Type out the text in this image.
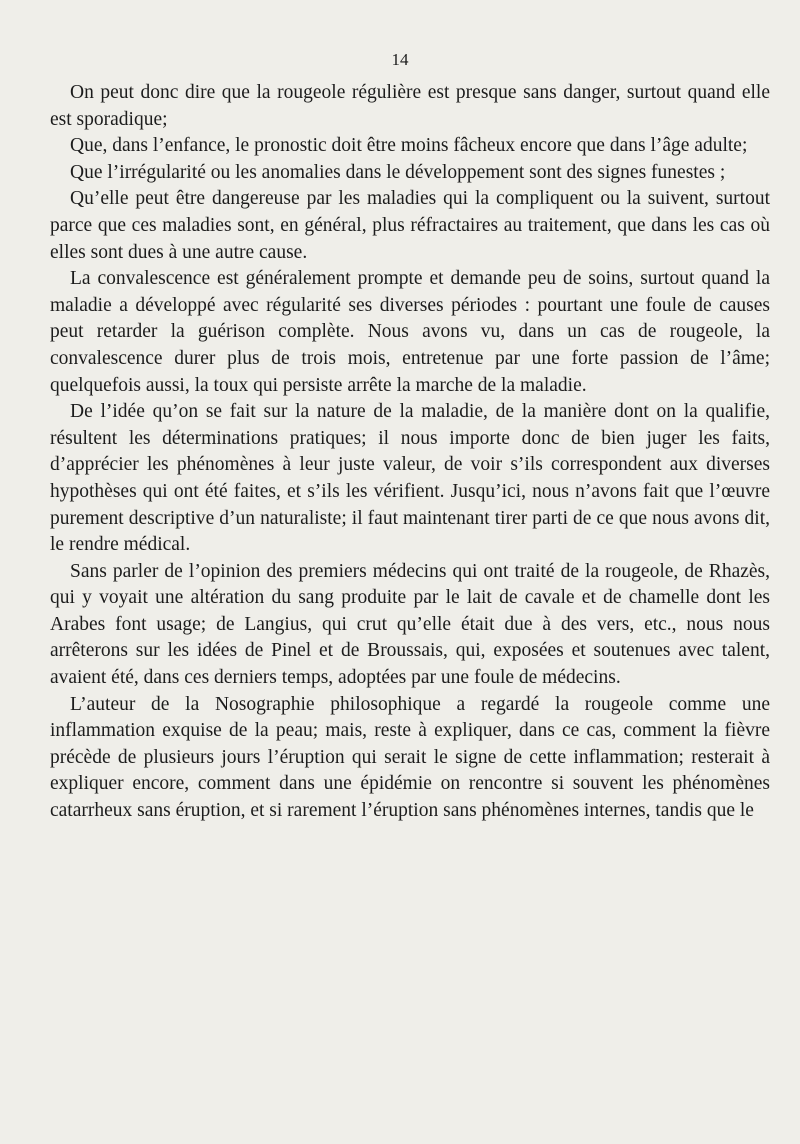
14

On peut donc dire que la rougeole régulière est presque sans danger, surtout quand elle est sporadique;

Que, dans l’enfance, le pronostic doit être moins fâcheux encore que dans l’âge adulte;

Que l’irrégularité ou les anomalies dans le développement sont des signes funestes ;

Qu’elle peut être dangereuse par les maladies qui la compliquent ou la suivent, surtout parce que ces maladies sont, en général, plus réfractaires au traitement, que dans les cas où elles sont dues à une autre cause.

La convalescence est généralement prompte et demande peu de soins, surtout quand la maladie a développé avec régularité ses diverses périodes : pourtant une foule de causes peut retarder la guérison complète. Nous avons vu, dans un cas de rougeole, la convalescence durer plus de trois mois, entretenue par une forte passion de l’âme; quelquefois aussi, la toux qui persiste arrête la marche de la maladie.

De l’idée qu’on se fait sur la nature de la maladie, de la manière dont on la qualifie, résultent les déterminations pratiques; il nous importe donc de bien juger les faits, d’apprécier les phénomènes à leur juste valeur, de voir s’ils correspondent aux diverses hypothèses qui ont été faites, et s’ils les vérifient. Jusqu’ici, nous n’avons fait que l’œuvre purement descriptive d’un naturaliste; il faut maintenant tirer parti de ce que nous avons dit, le rendre médical.

Sans parler de l’opinion des premiers médecins qui ont traité de la rougeole, de Rhazès, qui y voyait une altération du sang produite par le lait de cavale et de chamelle dont les Arabes font usage; de Langius, qui crut qu’elle était due à des vers, etc., nous nous arrêterons sur les idées de Pinel et de Broussais, qui, exposées et soutenues avec talent, avaient été, dans ces derniers temps, adoptées par une foule de médecins.

L’auteur de la Nosographie philosophique a regardé la rougeole comme une inflammation exquise de la peau; mais, reste à expliquer, dans ce cas, comment la fièvre précède de plusieurs jours l’éruption qui serait le signe de cette inflammation; resterait à expliquer encore, comment dans une épidémie on rencontre si souvent les phénomènes catarrheux sans éruption, et si rarement l’éruption sans phénomènes internes, tandis que le
